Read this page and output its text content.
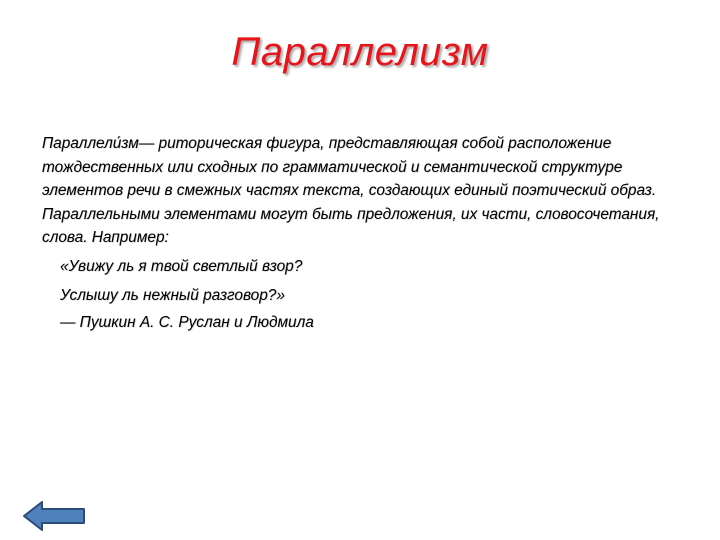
Параллелизм

Параллели́зм— риторическая фигура, представляющая собой расположение тождественных или сходных по грамматической и семантической структуре элементов речи в смежных частях текста, создающих единый поэтический образ. Параллельными элементами могут быть предложения, их части, словосочетания, слова. Например:

«Увижу ль я твой светлый взор?

Услышу ль нежный разговор?»

— Пушкин А. С. Руслан и Людмила
